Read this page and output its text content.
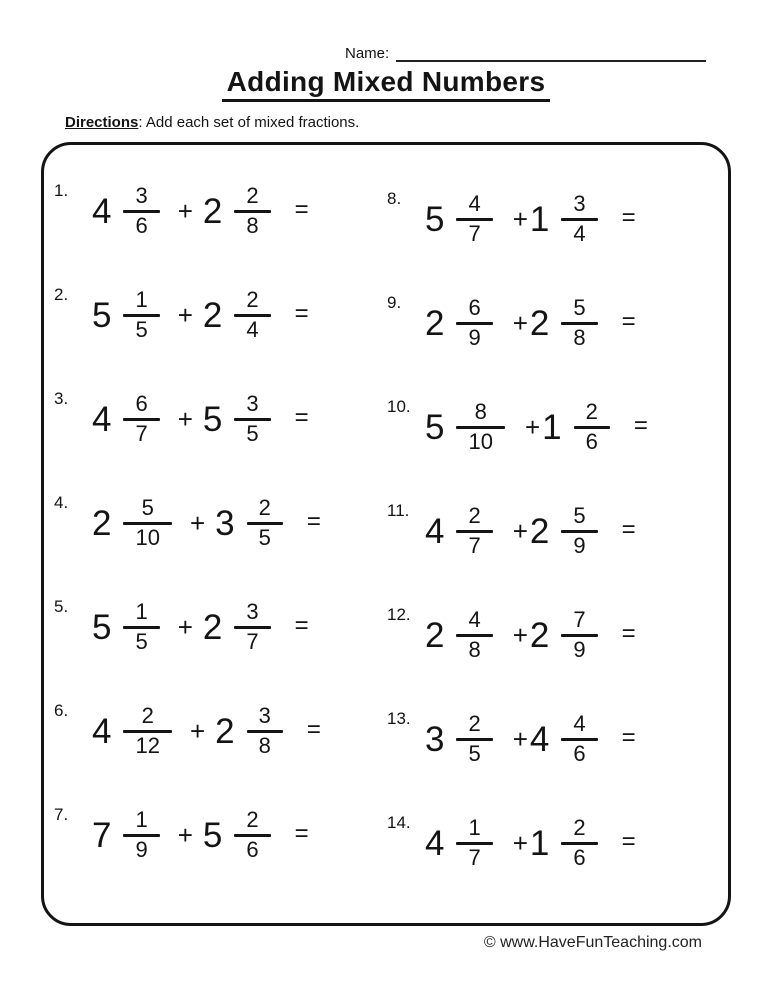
Name:
Adding Mixed Numbers
Directions: Add each set of mixed fractions.
1.
$4 \frac{3}{6} + 2 \frac{2}{8}$ =
2.
$5 \frac{1}{5} + 2 \frac{2}{4}$ =
3.
$4 \frac{6}{7} + 5 \frac{3}{5}$ =
4.
$2 \frac{5}{10} + 3 \frac{2}{5}$ =
5.
$5 \frac{1}{5} + 2 \frac{3}{7}$ =
6.
$4 \frac{2}{12} + 2 \frac{3}{8}$ =
7.
$7 \frac{1}{9} + 5 \frac{2}{6}$ =
8.
$5 \frac{4}{7} + 1 \frac{3}{4}$ =
9.
$2 \frac{6}{9} + 2 \frac{5}{8}$ =
10.
$5 \frac{8}{10} + 1 \frac{2}{6}$ =
11.
$4 \frac{2}{7} + 2 \frac{5}{9}$ =
12.
$2 \frac{4}{8} + 2 \frac{7}{9}$ =
13.
$3 \frac{2}{5} + 4 \frac{4}{6}$ =
14.
$4 \frac{1}{7} + 1 \frac{2}{6}$ =
© www.HaveFunTeaching.com
